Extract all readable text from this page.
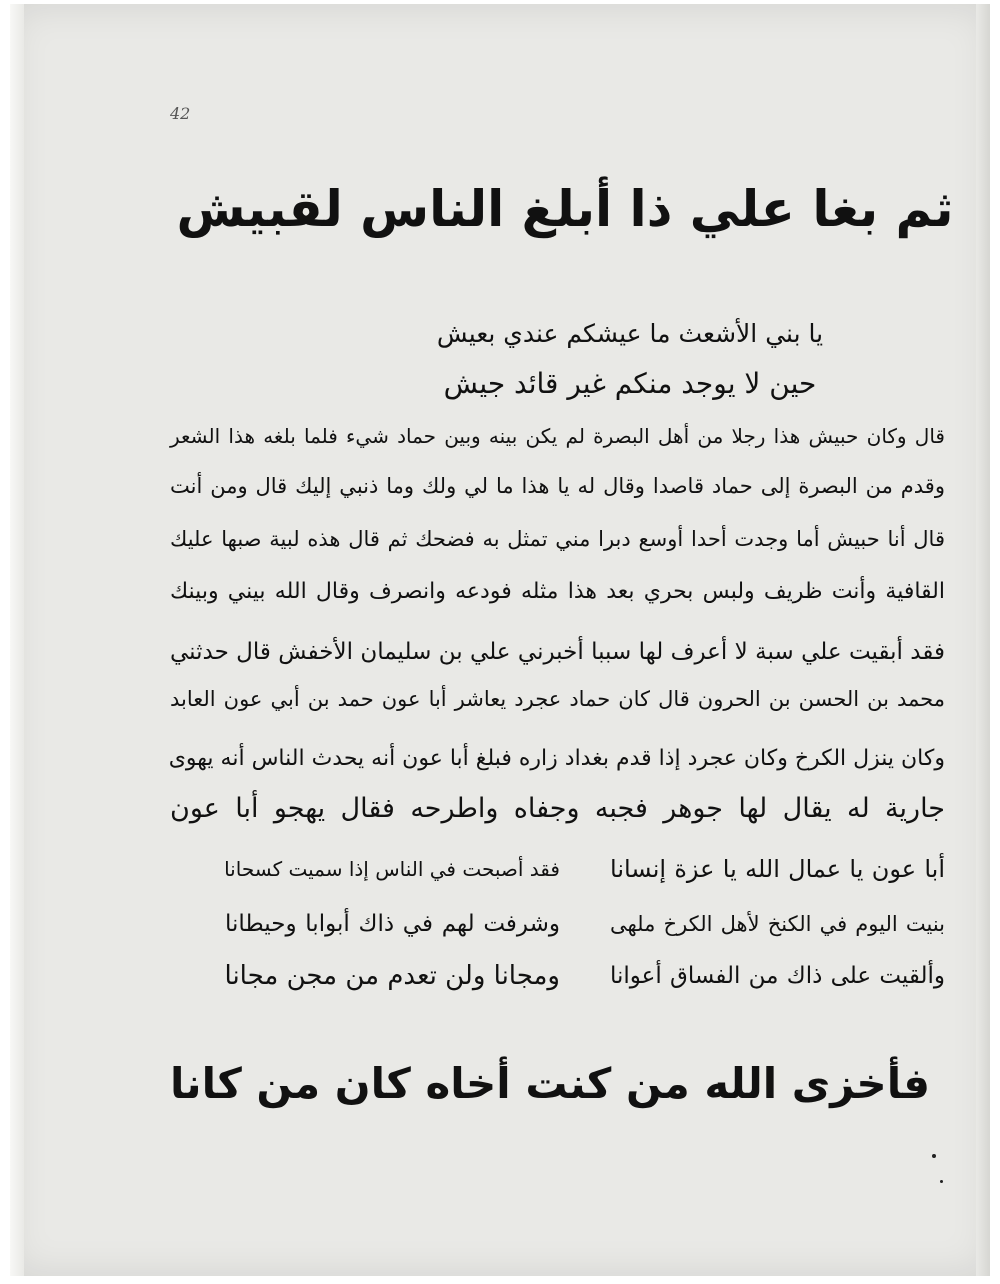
42
ثم بغا علي ذا أبلغ الناس لقبيش
يا بني الأشعث ما عيشكم عندي بعيش
حين لا يوجد منكم غير قائد جيش
قال وكان حبيش هذا رجلا من أهل البصرة لم يكن بينه وبين حماد شيء فلما بلغه هذا الشعر
وقدم من البصرة إلى حماد قاصدا وقال له يا هذا ما لي ولك وما ذنبي إليك قال ومن أنت
قال أنا حبيش أما وجدت أحدا أوسع دبرا مني تمثل به فضحك ثم قال هذه لبية صبها عليك
القافية وأنت ظريف ولبس بحري بعد هذا مثله فودعه وانصرف وقال الله بيني وبينك
فقد أبقيت علي سبة لا أعرف لها سببا أخبرني علي بن سليمان الأخفش قال حدثني
محمد بن الحسن بن الحرون قال كان حماد عجرد يعاشر أبا عون حمد بن أبي عون العابد
وكان ينزل الكرخ وكان عجرد إذا قدم بغداد زاره فبلغ أبا عون أنه يحدث الناس أنه يهوى
جارية له يقال لها جوهر فجبه وجفاه واطرحه فقال يهجو أبا عون
أبا عون يا عمال الله يا عزة إنسانا
فقد أصبحت في الناس إذا سميت كسحانا
بنيت اليوم في الكنخ لأهل الكرخ ملهى
وشرفت لهم في ذاك أبوابا وحيطانا
وألقيت على ذاك من الفساق أعوانا
ومجانا ولن تعدم من مجن مجانا
فأخزى الله من كنت أخاه كان من كانا
